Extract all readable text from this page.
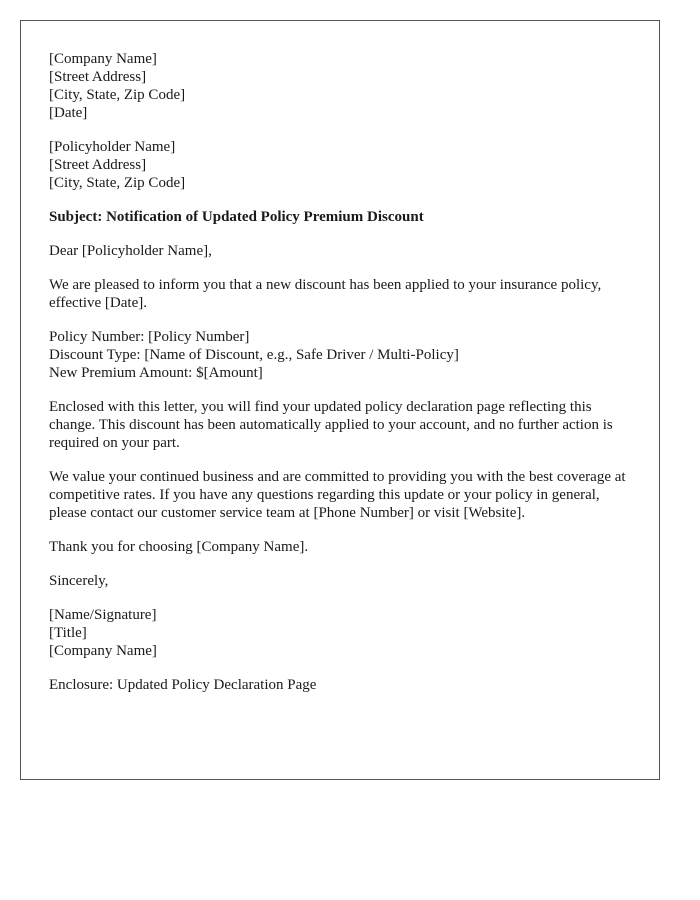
[Company Name]
[Street Address]
[City, State, Zip Code]
[Date]
[Policyholder Name]
[Street Address]
[City, State, Zip Code]
Subject: Notification of Updated Policy Premium Discount
Dear [Policyholder Name],
We are pleased to inform you that a new discount has been applied to your insurance policy, effective [Date].
Policy Number: [Policy Number]
Discount Type: [Name of Discount, e.g., Safe Driver / Multi-Policy]
New Premium Amount: $[Amount]
Enclosed with this letter, you will find your updated policy declaration page reflecting this change. This discount has been automatically applied to your account, and no further action is required on your part.
We value your continued business and are committed to providing you with the best coverage at competitive rates. If you have any questions regarding this update or your policy in general, please contact our customer service team at [Phone Number] or visit [Website].
Thank you for choosing [Company Name].
Sincerely,
[Name/Signature]
[Title]
[Company Name]
Enclosure: Updated Policy Declaration Page
